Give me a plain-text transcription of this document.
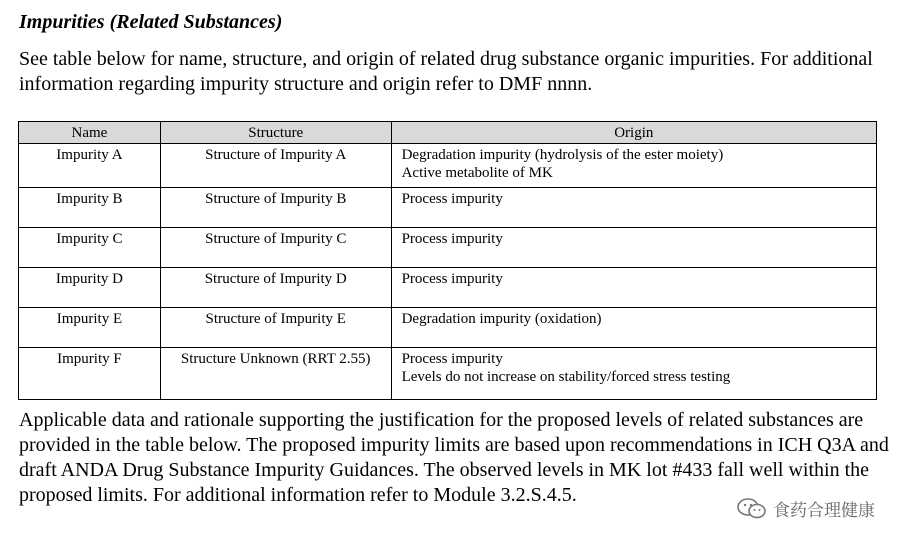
Impurities (Related Substances)

See table below for name, structure, and origin of related drug substance organic impurities. For additional information regarding impurity structure and origin refer to DMF nnnn.

Name	Structure	Origin
Impurity A	Structure of Impurity A	Degradation impurity (hydrolysis of the ester moiety)
Active metabolite of MK

Impurity B	Structure of Impurity B	Process impurity

Impurity C	Structure of Impurity C	Process impurity

Impurity D	Structure of Impurity D	Process impurity

Impurity E	Structure of Impurity E	Degradation impurity (oxidation)

Impurity F	Structure Unknown (RRT 2.55)	Process impurity
Levels do not increase on stability/forced stress testing

Applicable data and rationale supporting the justification for the proposed levels of related substances are provided in the table below. The proposed impurity limits are based upon recommendations in ICH Q3A and draft ANDA Drug Substance Impurity Guidances. The observed levels in MK lot #433 fall well within the proposed limits. For additional information refer to Module 3.2.S.4.5.

食药合理健康
